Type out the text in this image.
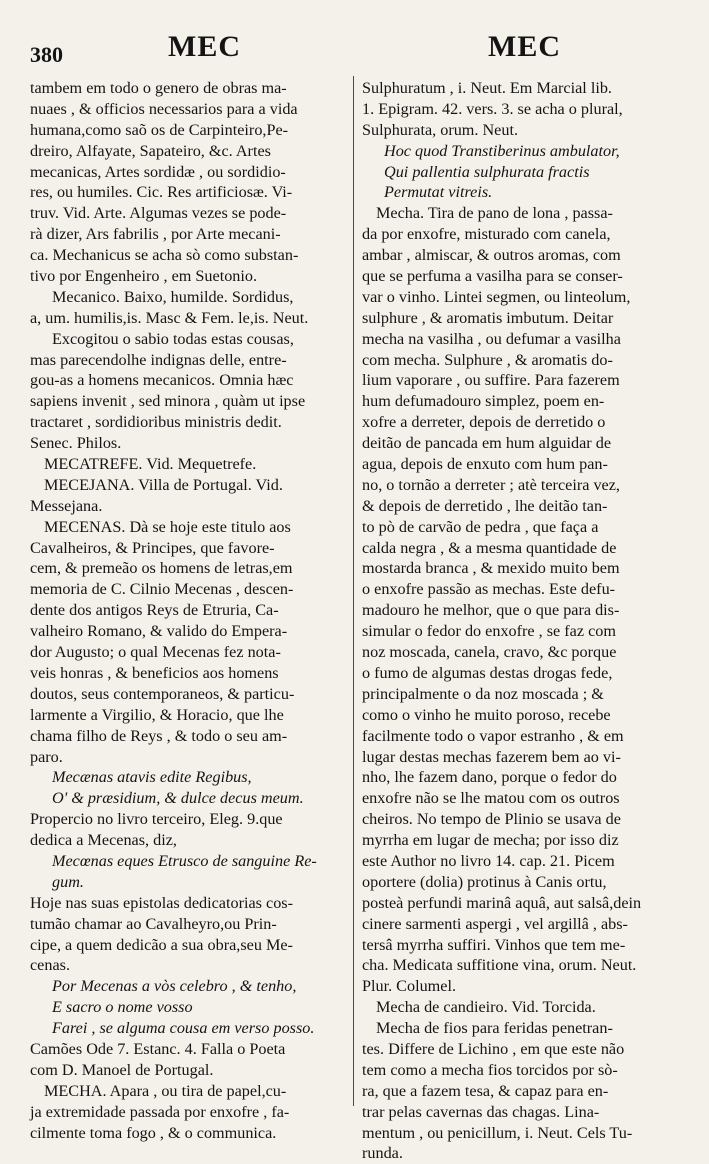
380	MEC	MEC
tambem em todo o genero de obras ma-
nuaes , & officios necessarios para a vida
humana,como saõ os de Carpinteiro,Pe-
dreiro, Alfayate, Sapateiro, &c. Artes
mecanicas, Artes sordidæ , ou sordidio-
res, ou humiles. Cic. Res artificiosæ. Vi-
truv. Vid. Arte. Algumas vezes se pode-
rà dizer, Ars fabrilis , por Arte mecani-
ca. Mechanicus se acha sò como substan-
tivo por Engenheiro , em Suetonio.
Mecanico. Baixo, humilde. Sordidus,
a, um. humilis,is. Masc & Fem. le,is. Neut.
Excogitou o sabio todas estas cousas,
mas parecendolhe indignas delle, entre-
gou-as a homens mecanicos. Omnia hæc
sapiens invenit , sed minora , quàm ut ipse
tractaret , sordidioribus ministris dedit.
Senec. Philos.
MECATREFE. Vid. Mequetrefe.
MECEJANA. Villa de Portugal. Vid.
Messejana.
MECENAS. Dà se hoje este titulo aos
Cavalheiros, & Principes, que favore-
cem, & premeão os homens de letras,em
memoria de C. Cilnio Mecenas , descen-
dente dos antigos Reys de Etruria, Ca-
valheiro Romano, & valido do Empera-
dor Augusto; o qual Mecenas fez nota-
veis honras , & beneficios aos homens
doutos, seus contemporaneos, & particu-
larmente a Virgilio, & Horacio, que lhe
chama filho de Reys , & todo o seu am-
paro.
Mecænas atavis edite Regibus,
O' & præsidium, & dulce decus meum.
Propercio no livro terceiro, Eleg. 9.que
dedica a Mecenas, diz,
Mecœnas eques Etrusco de sanguine Re-
gum.
Hoje nas suas epistolas dedicatorias cos-
tumão chamar ao Cavalheyro,ou Prin-
cipe, a quem dedicão a sua obra,seu Me-
cenas.
Por Mecenas a vòs celebro , & tenho,
E sacro o nome vosso
Farei , se alguma cousa em verso posso.
Camões Ode 7. Estanc. 4. Falla o Poeta
com D. Manoel de Portugal.
MECHA. Apara , ou tira de papel,cu-
ja extremidade passada por enxofre , fa-
cilmente toma fogo , & o communica.
Sulphuratum , i. Neut. Em Marcial lib.
1. Epigram. 42. vers. 3. se acha o plural,
Sulphurata, orum. Neut.
Hoc quod Transtiberinus ambulator,
Qui pallentia sulphurata fractis
Permutat vitreis.
Mecha. Tira de pano de lona , passa-
da por enxofre, misturado com canela,
ambar , almiscar, & outros aromas, com
que se perfuma a vasilha para se conser-
var o vinho. Lintei segmen, ou linteolum,
sulphure , & aromatis imbutum. Deitar
mecha na vasilha , ou defumar a vasilha
com mecha. Sulphure , & aromatis do-
lium vaporare , ou suffire. Para fazerem
hum defumadouro simplez, poem en-
xofre a derreter, depois de derretido o
deitão de pancada em hum alguidar de
agua, depois de enxuto com hum pan-
no, o tornão a derreter ; atè terceira vez,
& depois de derretido , lhe deitão tan-
to pò de carvão de pedra , que faça a
calda negra , & a mesma quantidade de
mostarda branca , & mexido muito bem
o enxofre passão as mechas. Este defu-
madouro he melhor, que o que para dis-
simular o fedor do enxofre , se faz com
noz moscada, canela, cravo, &c porque
o fumo de algumas destas drogas fede,
principalmente o da noz moscada ; &
como o vinho he muito poroso, recebe
facilmente todo o vapor estranho , & em
lugar destas mechas fazerem bem ao vi-
nho, lhe fazem dano, porque o fedor do
enxofre não se lhe matou com os outros
cheiros. No tempo de Plinio se usava de
myrrha em lugar de mecha; por isso diz
este Author no livro 14. cap. 21. Picem
oportere (dolia) protinus à Canis ortu,
posteà perfundi marinâ aquâ, aut salsâ,dein
cinere sarmenti aspergi , vel argillâ , abs-
tersâ myrrha suffiri. Vinhos que tem me-
cha. Medicata suffitione vina, orum. Neut.
Plur. Columel.
Mecha de candieiro. Vid. Torcida.
Mecha de fios para feridas penetran-
tes. Differe de Lichino , em que este não
tem como a mecha fios torcidos por sò-
ra, que a fazem tesa, & capaz para en-
trar pelas cavernas das chagas. Lina-
mentum , ou penicillum, i. Neut. Cels Tu-
runda.
